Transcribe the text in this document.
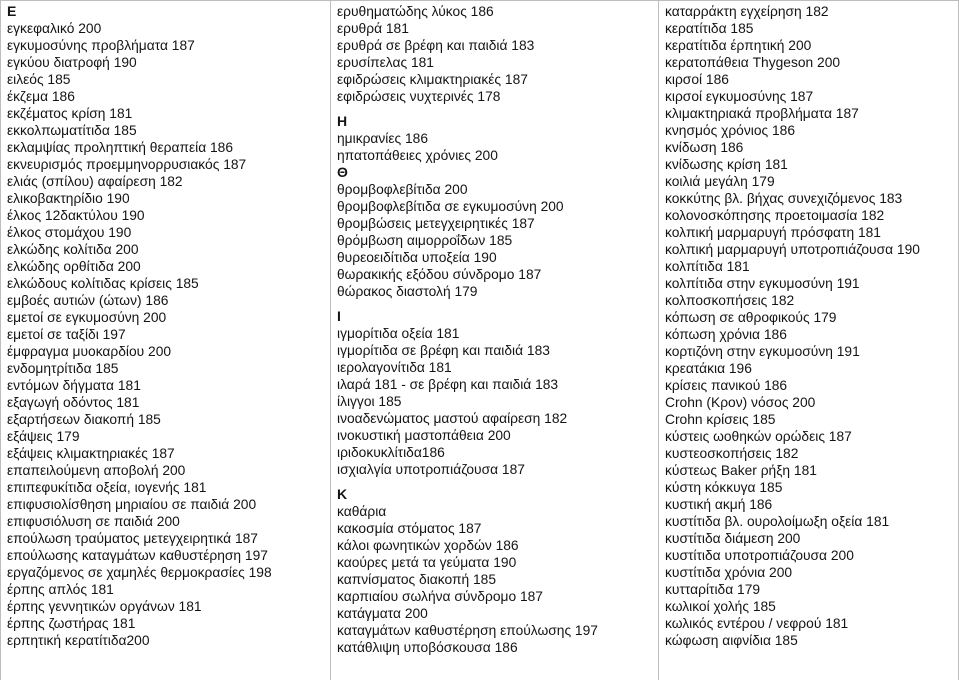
Ε
εγκεφαλικό 200
εγκυμοσύνης προβλήματα 187
εγκύου διατροφή 190
ειλεός 185
έκζεμα 186
εκζέματος κρίση 181
εκκολπωματίτιδα 185
εκλαμψίας προληπτική θεραπεία 186
εκνευρισμός προεμμηνορρυσιακός 187
ελιάς (σπίλου) αφαίρεση 182
ελικοβακτηρίδιο 190
έλκος 12δακτύλου 190
έλκος στομάχου 190
ελκώδης κολίτιδα 200
ελκώδης ορθίτιδα 200
ελκώδους κολίτιδας κρίσεις 185
εμβοές αυτιών (ώτων) 186
εμετοί σε εγκυμοσύνη 200
εμετοί σε ταξίδι 197
έμφραγμα μυοκαρδίου 200
ενδομητρίτιδα 185
εντόμων δήγματα 181
εξαγωγή οδόντος 181
εξαρτήσεων διακοπή 185
εξάψεις 179
εξάψεις κλιμακτηριακές 187
επαπειλούμενη αποβολή 200
επιπεφυκίτιδα οξεία, ιογενής 181
επιφυσιολίσθηση μηριαίου σε παιδιά 200
επιφυσιόλυση σε παιδιά 200
επούλωση τραύματος μετεγχειρητικά 187
επούλωσης καταγμάτων καθυστέρηση 197
εργαζόμενος σε χαμηλές θερμοκρασίες 198
έρπης απλός 181
έρπης γεννητικών οργάνων 181
έρπης ζωστήρας 181
ερπητική κερατίτιδα200
ερυθηματώδης λύκος 186
ερυθρά 181
ερυθρά σε βρέφη και παιδιά 183
ερυσίπελας 181
εφιδρώσεις κλιμακτηριακές 187
εφιδρώσεις νυχτερινές 178
Η
ημικρανίες 186
ηπατοπάθειες χρόνιες 200
Θ
θρομβοφλεβίτιδα 200
θρομβοφλεβίτιδα σε εγκυμοσύνη 200
θρομβώσεις μετεγχειρητικές 187
θρόμβωση αιμορροΐδων 185
θυρεοειδίτιδα υποξεία 190
θωρακικής εξόδου σύνδρομο 187
θώρακος διαστολή 179
Ι
ιγμορίτιδα οξεία 181
ιγμορίτιδα σε βρέφη και παιδιά 183
ιερολαγονίτιδα 181
ιλαρά 181 - σε βρέφη και παιδιά 183
ίλιγγοι 185
ινοαδενώματος μαστού αφαίρεση 182
ινοκυστική μαστοπάθεια 200
ιριδοκυκλίτιδα186
ισχιαλγία υποτροπιάζουσα 187
Κ
καθάρια
κακοσμία στόματος 187
κάλοι φωνητικών χορδών 186
καούρες μετά τα γεύματα 190
καπνίσματος διακοπή 185
καρπιαίου σωλήνα σύνδρομο 187
κατάγματα 200
καταγμάτων καθυστέρηση επούλωσης 197
κατάθλιψη υποβόσκουσα 186
καταρράκτη εγχείρηση 182
κερατίτιδα 185
κερατίτιδα έρπητική 200
κερατοπάθεια Thygeson 200
κιρσοί 186
κιρσοί εγκυμοσύνης 187
κλιμακτηριακά προβλήματα 187
κνησμός χρόνιος 186
κνίδωση 186
κνίδωσης κρίση 181
κοιλιά μεγάλη 179
κοκκύτης βλ. βήχας συνεχιζόμενος 183
κολονοσκόπησης προετοιμασία 182
κολπική μαρμαρυγή πρόσφατη 181
κολπική μαρμαρυγή υποτροπιάζουσα 190
κολπίτιδα 181
κολπίτιδα στην εγκυμοσύνη 191
κολποσκοπήσεις 182
κόπωση σε αθροφικούς 179
κόπωση χρόνια 186
κορτιζόνη στην εγκυμοσύνη 191
κρεατάκια 196
κρίσεις πανικού 186
Crohn (Κρον) νόσος 200
Crohn κρίσεις 185
κύστεις ωοθηκών ορώδεις 187
κυστεοσκοπήσεις 182
κύστεως Baker ρήξη 181
κύστη κόκκυγα 185
κυστική ακμή 186
κυστίτιδα βλ. ουρολοίμωξη οξεία 181
κυστίτιδα διάμεση 200
κυστίτιδα υποτροπιάζουσα 200
κυστίτιδα χρόνια 200
κυτταρίτιδα 179
κωλικοί χολής 185
κωλικός εντέρου / νεφρού 181
κώφωση αιφνίδια 185
